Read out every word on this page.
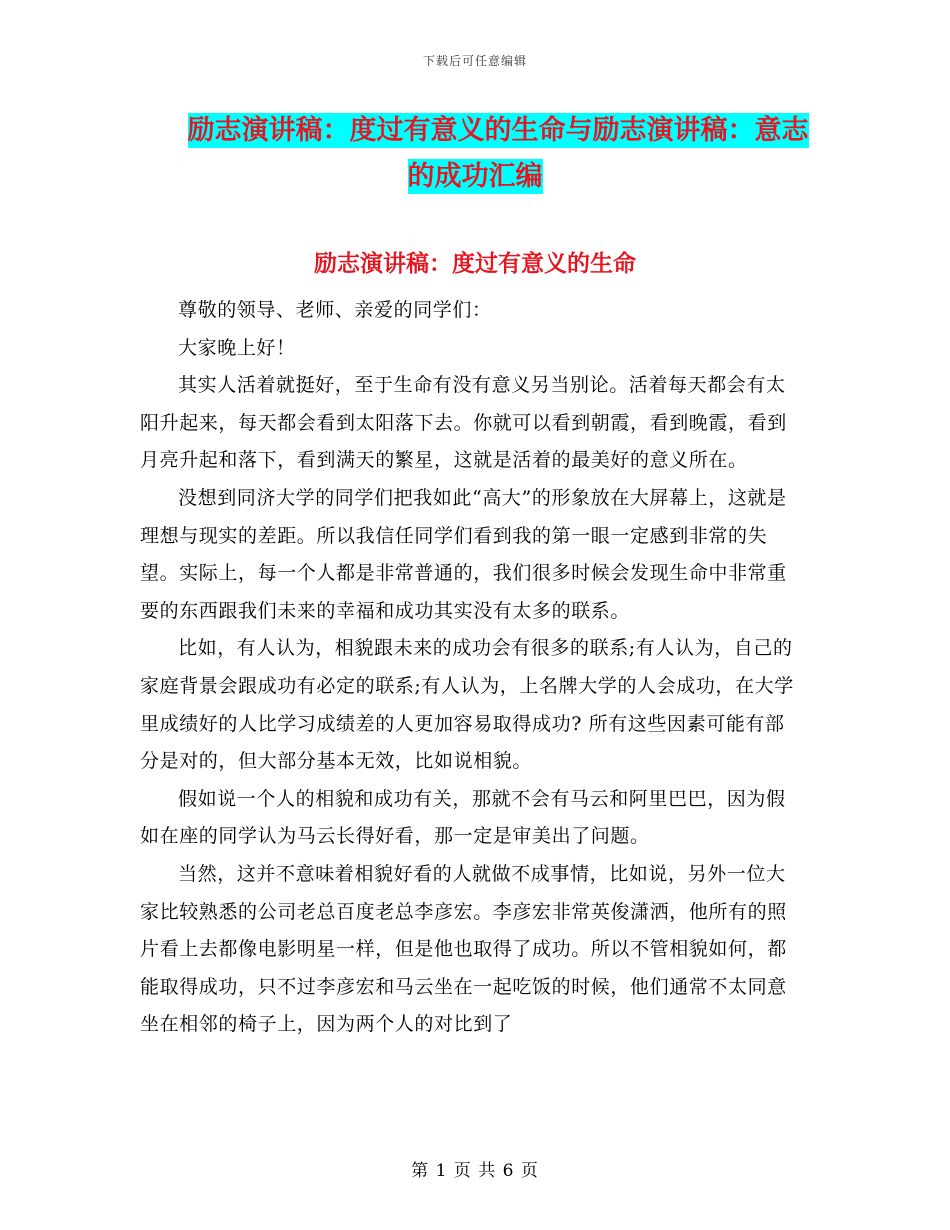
下载后可任意编辑
励志演讲稿：度过有意义的生命与励志演讲稿：意志
的成功汇编
励志演讲稿：度过有意义的生命

尊敬的领导、老师、亲爱的同学们：

大家晚上好！

其实人活着就挺好，至于生命有没有意义另当别论。活着每天都会有太阳升起来，每天都会看到太阳落下去。你就可以看到朝霞，看到晚霞，看到月亮升起和落下，看到满天的繁星，这就是活着的最美好的意义所在。

没想到同济大学的同学们把我如此“高大”的形象放在大屏幕上，这就是理想与现实的差距。所以我信任同学们看到我的第一眼一定感到非常的失望。实际上，每一个人都是非常普通的，我们很多时候会发现生命中非常重要的东西跟我们未来的幸福和成功其实没有太多的联系。

比如，有人认为，相貌跟未来的成功会有很多的联系;有人认为，自己的家庭背景会跟成功有必定的联系;有人认为，上名牌大学的人会成功，在大学里成绩好的人比学习成绩差的人更加容易取得成功? 所有这些因素可能有部分是对的，但大部分基本无效，比如说相貌。

假如说一个人的相貌和成功有关，那就不会有马云和阿里巴巴，因为假如在座的同学认为马云长得好看，那一定是审美出了问题。

当然，这并不意味着相貌好看的人就做不成事情，比如说，另外一位大家比较熟悉的公司老总百度老总李彦宏。李彦宏非常英俊潇洒，他所有的照片看上去都像电影明星一样，但是他也取得了成功。所以不管相貌如何，都能取得成功，只不过李彦宏和马云坐在一起吃饭的时候，他们通常不太同意坐在相邻的椅子上，因为两个人的对比到了

第 1 页 共 6 页
